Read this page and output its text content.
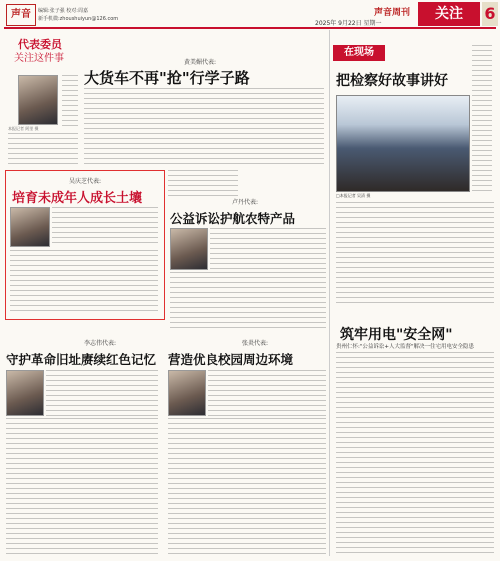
声音	编辑:张子强 校对:周嘉
新手机微:zhoushuiyun@126.com
声音周刊
2025年 9月22日 星期一
关注	6
代表委员
关注这件事
本报记者 阿里 摄
黄美媚代表:
大货车不再"抢"行学子路
吴庆芝代表:
培育未成年人成长土壤	卢丹代表:
公益诉讼护航农特产品
李志伟代表:
守护革命旧址赓续红色记忆
张炎代表:
营造优良校园周边环境
在现场
把检察好故事讲好
□本报记者 吴清 摄
筑牢用电"安全网"
贵州仁怀:"公益诉讼+人大监督"解决一住宅用电安全隐患
